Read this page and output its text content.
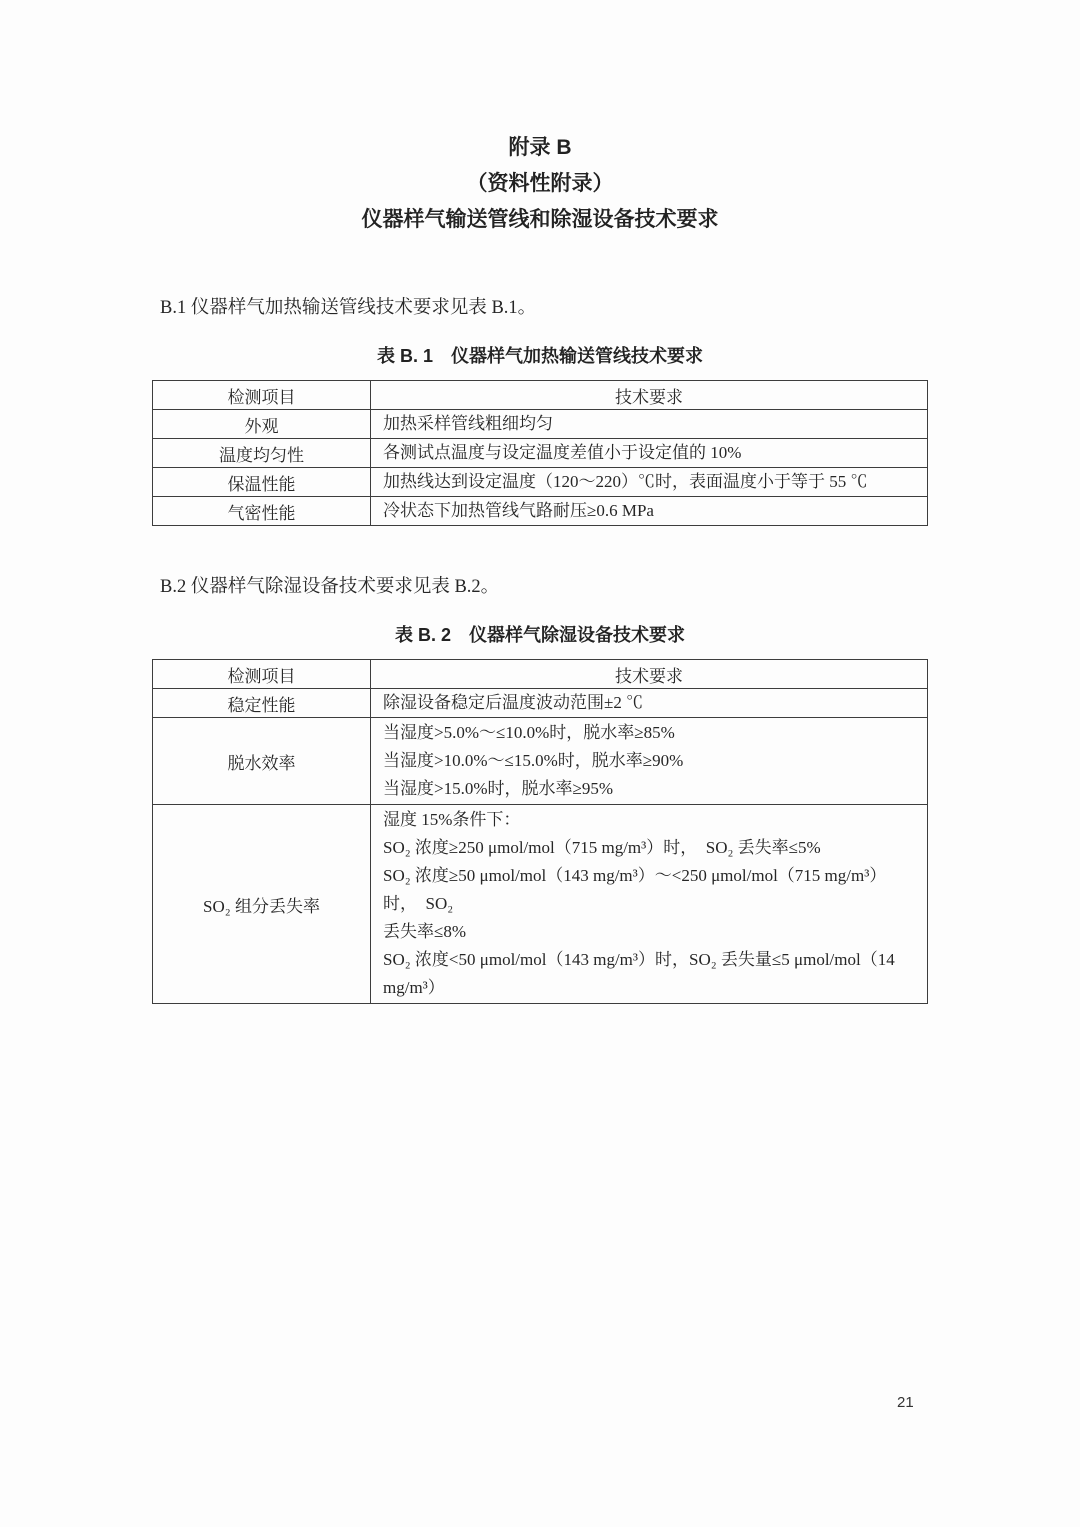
附录 B
（资料性附录）
仪器样气输送管线和除湿设备技术要求

B.1 仪器样气加热输送管线技术要求见表 B.1。

表 B. 1　仪器样气加热输送管线技术要求
检测项目	技术要求
外观	加热采样管线粗细均匀

温度均匀性	各测试点温度与设定温度差值小于设定值的 10%

保温性能	加热线达到设定温度（120～220）℃时，表面温度小于等于 55 ℃

气密性能	冷状态下加热管线气路耐压≥0.6 MPa

B.2 仪器样气除湿设备技术要求见表 B.2。

表 B. 2　仪器样气除湿设备技术要求
检测项目	技术要求
稳定性能	除湿设备稳定后温度波动范围±2 ℃

脱水效率	当湿度>5.0%～≤10.0%时，脱水率≥85%
当湿度>10.0%～≤15.0%时，脱水率≥90%
当湿度>15.0%时，脱水率≥95%

SO₂ 组分丢失率	湿度 15%条件下：
SO₂ 浓度≥250 μmol/mol（715 mg/m³）时，  SO₂ 丢失率≤5%
SO₂ 浓度≥50 μmol/mol（143 mg/m³）～<250 μmol/mol（715 mg/m³）时，  SO₂
丢失率≤8%
SO₂ 浓度<50 μmol/mol（143 mg/m³）时，SO₂ 丢失量≤5 μmol/mol（14 mg/m³）
21
